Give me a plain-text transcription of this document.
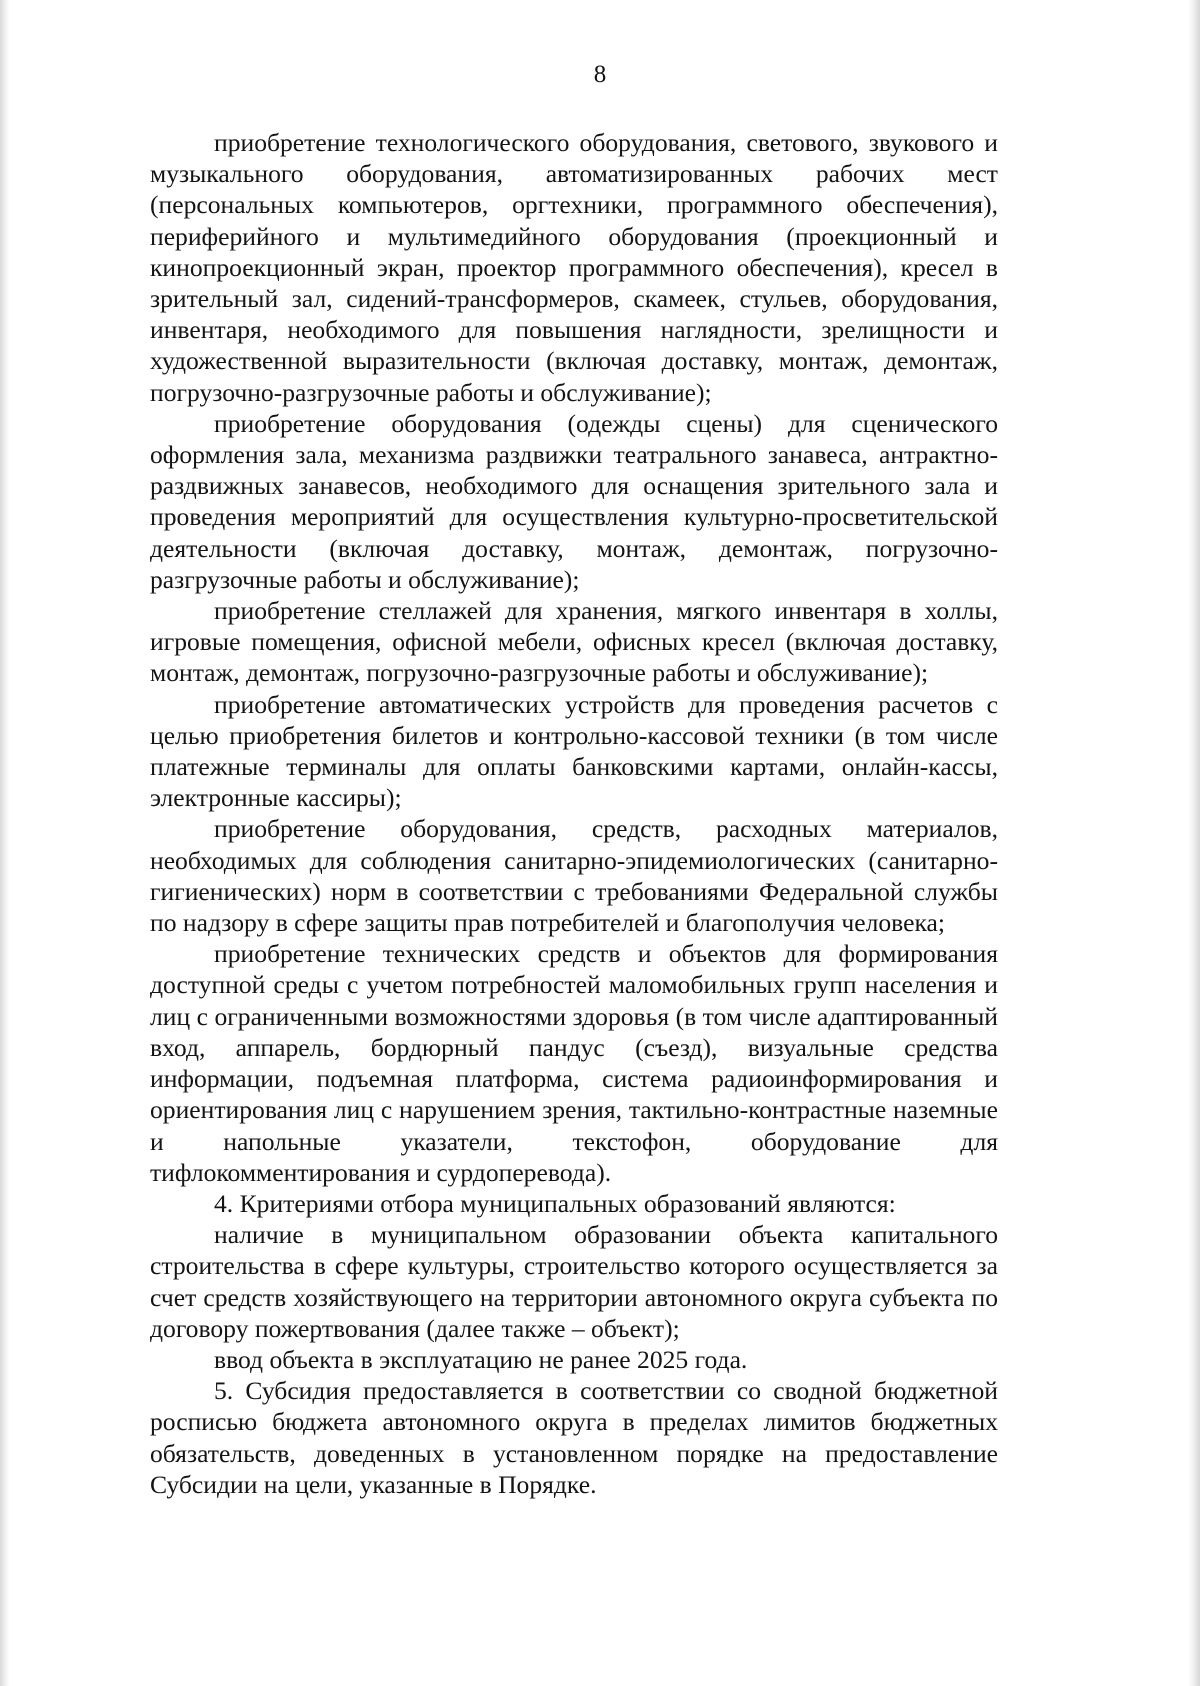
8

приобретение технологического оборудования, светового, звукового и музыкального оборудования, автоматизированных рабочих мест (персональных компьютеров, оргтехники, программного обеспечения), периферийного и мультимедийного оборудования (проекционный и кинопроекционный экран, проектор программного обеспечения), кресел в зрительный зал, сидений-трансформеров, скамеек, стульев, оборудования, инвентаря, необходимого для повышения наглядности, зрелищности и художественной выразительности (включая доставку, монтаж, демонтаж, погрузочно-разгрузочные работы и обслуживание);

приобретение оборудования (одежды сцены) для сценического оформления зала, механизма раздвижки театрального занавеса, антрактно-раздвижных занавесов, необходимого для оснащения зрительного зала и проведения мероприятий для осуществления культурно-просветительской деятельности (включая доставку, монтаж, демонтаж, погрузочно-разгрузочные работы и обслуживание);

приобретение стеллажей для хранения, мягкого инвентаря в холлы, игровые помещения, офисной мебели, офисных кресел (включая доставку, монтаж, демонтаж, погрузочно-разгрузочные работы и обслуживание);

приобретение автоматических устройств для проведения расчетов с целью приобретения билетов и контрольно-кассовой техники (в том числе платежные терминалы для оплаты банковскими картами, онлайн-кассы, электронные кассиры);

приобретение оборудования, средств, расходных материалов, необходимых для соблюдения санитарно-эпидемиологических (санитарно-гигиенических) норм в соответствии с требованиями Федеральной службы по надзору в сфере защиты прав потребителей и благополучия человека;

приобретение технических средств и объектов для формирования доступной среды с учетом потребностей маломобильных групп населения и лиц с ограниченными возможностями здоровья (в том числе адаптированный вход, аппарель, бордюрный пандус (съезд), визуальные средства информации, подъемная платформа, система радиоинформирования и ориентирования лиц с нарушением зрения, тактильно-контрастные наземные и напольные указатели, текстофон, оборудование для тифлокомментирования и сурдоперевода).

4. Критериями отбора муниципальных образований являются:

наличие в муниципальном образовании объекта капитального строительства в сфере культуры, строительство которого осуществляется за счет средств хозяйствующего на территории автономного округа субъекта по договору пожертвования (далее также – объект);

ввод объекта в эксплуатацию не ранее 2025 года.

5. Субсидия предоставляется в соответствии со сводной бюджетной росписью бюджета автономного округа в пределах лимитов бюджетных обязательств, доведенных в установленном порядке на предоставление Субсидии на цели, указанные в Порядке.
